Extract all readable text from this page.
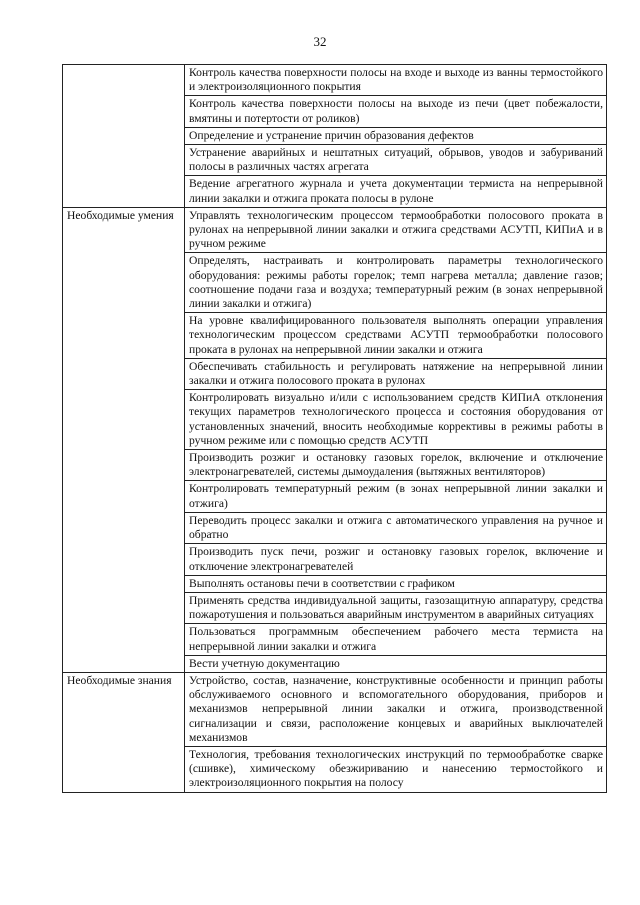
32
	Контроль качества поверхности полосы на входе и выходе из ванны термостойкого и электроизоляционного покрытия
	Контроль качества поверхности полосы на выходе из печи (цвет побежалости, вмятины и потертости от роликов)
	Определение и устранение причин образования дефектов
	Устранение аварийных и нештатных ситуаций, обрывов, уводов и забуриваний полосы в различных частях агрегата
	Ведение агрегатного журнала и учета документации термиста на непрерывной линии закалки и отжига проката полосы в рулоне
Необходимые умения	Управлять технологическим процессом термообработки полосового проката в рулонах на непрерывной линии закалки и отжига средствами АСУТП, КИПиА и в ручном режиме
	Определять, настраивать и контролировать параметры технологического оборудования: режимы работы горелок; темп нагрева металла; давление газов; соотношение подачи газа и воздуха; температурный режим (в зонах непрерывной линии закалки и отжига)
	На уровне квалифицированного пользователя выполнять операции управления технологическим процессом средствами АСУТП термообработки полосового проката в рулонах на непрерывной линии закалки и отжига
	Обеспечивать стабильность и регулировать натяжение на непрерывной линии закалки и отжига полосового проката в рулонах
	Контролировать визуально и/или с использованием средств КИПиА отклонения текущих параметров технологического процесса и состояния оборудования от установленных значений, вносить необходимые коррективы в режимы работы в ручном режиме или с помощью средств АСУТП
	Производить розжиг и остановку газовых горелок, включение и отключение электронагревателей, системы дымоудаления (вытяжных вентиляторов)
	Контролировать температурный режим (в зонах непрерывной линии закалки и отжига)
	Переводить процесс закалки и отжига с автоматического управления на ручное и обратно
	Производить пуск печи, розжиг и остановку газовых горелок, включение и отключение электронагревателей
	Выполнять остановы печи в соответствии с графиком
	Применять средства индивидуальной защиты, газозащитную аппаратуру, средства пожаротушения и пользоваться аварийным инструментом в аварийных ситуациях
	Пользоваться программным обеспечением рабочего места термиста на непрерывной линии закалки и отжига
	Вести учетную документацию
Необходимые знания	Устройство, состав, назначение, конструктивные особенности и принцип работы обслуживаемого основного и вспомогательного оборудования, приборов и механизмов непрерывной линии закалки и отжига, производственной сигнализации и связи, расположение концевых и аварийных выключателей механизмов
	Технология, требования технологических инструкций по термообработке сварке (сшивке), химическому обезжириванию и нанесению термостойкого и электроизоляционного покрытия на полосу
